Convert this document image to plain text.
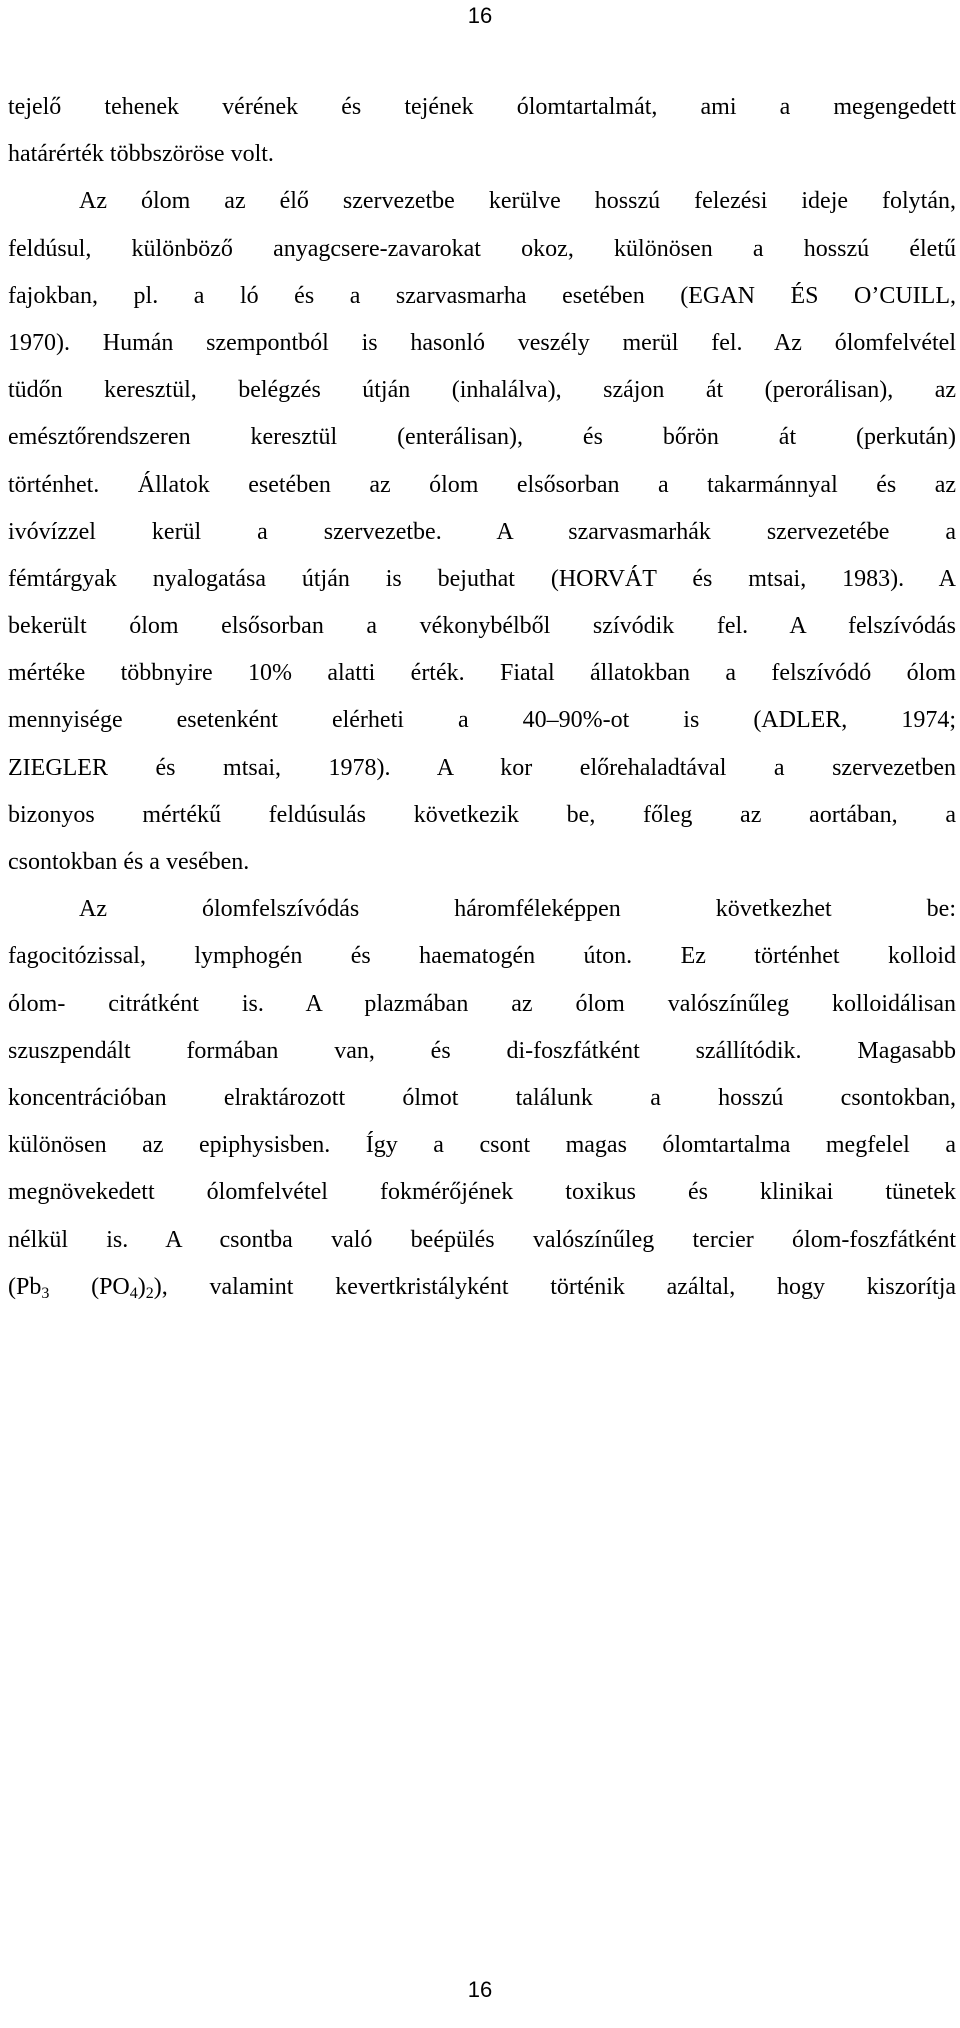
16
tejelő tehenek vérének és tejének ólomtartalmát, ami a megengedett
határérték többszöröse volt.
Az ólom az élő szervezetbe kerülve hosszú felezési ideje folytán,
feldúsul, különböző anyagcsere-zavarokat okoz, különösen a hosszú életű
fajokban, pl. a ló és a szarvasmarha esetében (EGAN ÉS O’CUILL,
1970). Humán szempontból is hasonló veszély merül fel. Az ólomfelvétel
tüdőn keresztül, belégzés útján (inhalálva), szájon át (perorálisan), az
emésztőrendszeren keresztül (enterálisan), és bőrön át (perkután)
történhet. Állatok esetében az ólom elsősorban a takarmánnyal és az
ivóvízzel kerül a szervezetbe. A szarvasmarhák szervezetébe a
fémtárgyak nyalogatása útján is bejuthat (HORVÁT és mtsai, 1983). A
bekerült ólom elsősorban a vékonybélből szívódik fel. A felszívódás
mértéke többnyire 10% alatti érték. Fiatal állatokban a felszívódó ólom
mennyisége esetenként elérheti a 40–90%-ot is (ADLER, 1974;
ZIEGLER és mtsai, 1978). A kor előrehaladtával a szervezetben
bizonyos mértékű feldúsulás következik be, főleg az aortában, a
csontokban és a vesében.
Az ólomfelszívódás háromféleképpen következhet be:
fagocitózissal, lymphogén és haematogén úton. Ez történhet kolloid
ólom- citrátként is. A plazmában az ólom valószínűleg kolloidálisan
szuszpendált formában van, és di-foszfátként szállítódik. Magasabb
koncentrációban elraktározott ólmot találunk a hosszú csontokban,
különösen az epiphysisben. Így a csont magas ólomtartalma megfelel a
megnövekedett ólomfelvétel fokmérőjének toxikus és klinikai tünetek
nélkül is. A csontba való beépülés valószínűleg tercier ólom-foszfátként
($Pb_3$ $(PO_4)_2$), valamint kevertkristályként történik azáltal, hogy kiszorítja
16
